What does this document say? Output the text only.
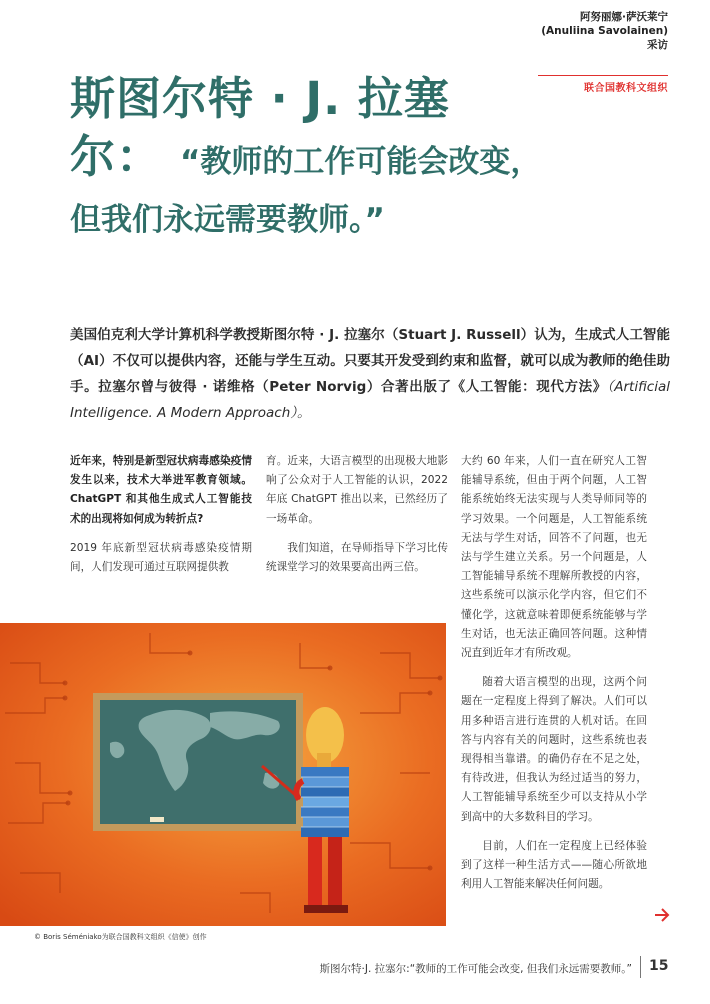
阿努丽娜·萨沃莱宁
(Anuliina Savolainen)
采访
联合国教科文组织
斯图尔特 · J. 拉塞
尔： “教师的工作可能会改变，
但我们永远需要教师。”
美国伯克利大学计算机科学教授斯图尔特 · J. 拉塞尔（Stuart J. Russell）认为，生成式人工智能（AI）不仅可以提供内容，还能与学生互动。只要其开发受到约束和监督，就可以成为教师的绝佳助手。拉塞尔曾与彼得 · 诺维格（Peter Norvig）合著出版了《人工智能：现代方法》（Artificial Intelligence. A Modern Approach）。

近年来，特别是新型冠状病毒感染疫情发生以来，技术大举进军教育领域。ChatGPT 和其他生成式人工智能技术的出现将如何成为转折点?

2019 年底新型冠状病毒感染疫情期间，人们发现可通过互联网提供教

育。近来，大语言模型的出现极大地影响了公众对于人工智能的认识，2022 年底 ChatGPT 推出以来，已然经历了一场革命。

我们知道，在导师指导下学习比传统课堂学习的效果要高出两三倍。

大约 60 年来，人们一直在研究人工智能辅导系统，但由于两个问题，人工智能系统始终无法实现与人类导师同等的学习效果。一个问题是，人工智能系统无法与学生对话，回答不了问题，也无法与学生建立关系。另一个问题是，人工智能辅导系统不理解所教授的内容，这些系统可以演示化学内容，但它们不懂化学，这就意味着即便系统能够与学生对话，也无法正确回答问题。这种情况直到近年才有所改观。

随着大语言模型的出现，这两个问题在一定程度上得到了解决。人们可以用多种语言进行连贯的人机对话。在回答与内容有关的问题时，这些系统也表现得相当靠谱。的确仍存在不足之处，有待改进，但我认为经过适当的努力，人工智能辅导系统至少可以支持从小学到高中的大多数科目的学习。

目前，人们在一定程度上已经体验到了这样一种生活方式——随心所欲地利用人工智能来解决任何问题。

© Boris Séméniako为联合国教科文组织《信使》创作
斯图尔特·J. 拉塞尔:“教师的工作可能会改变, 但我们永远需要教师。” 15
